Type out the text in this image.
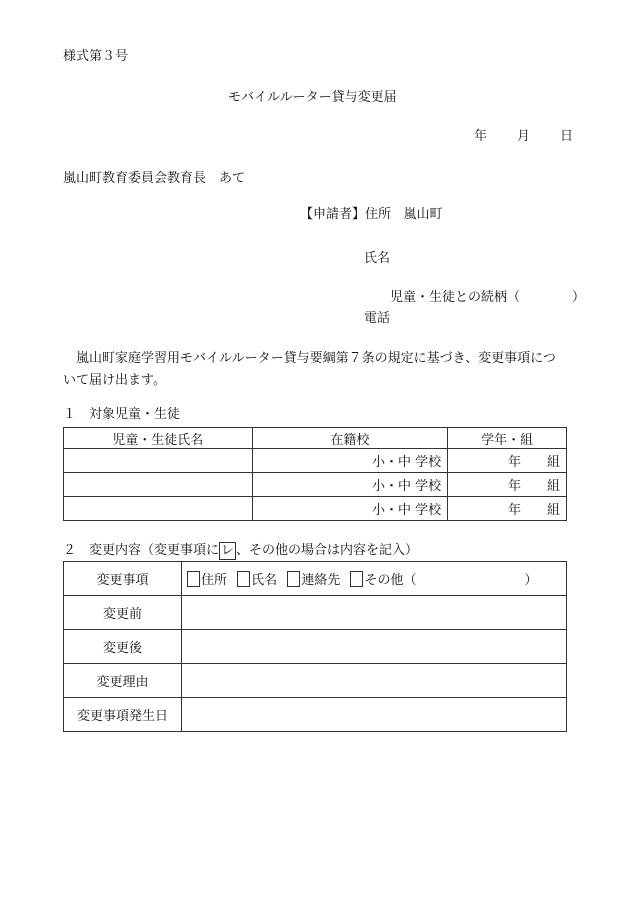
様式第３号
モバイルルーター貸与変更届
年 月 日
嵐山町教育委員会教育長　あて
【申請者】住所 嵐山町
氏名
児童・生徒との続柄（	）
電話
嵐山町家庭学習用モバイルルーター貸与要綱第７条の規定に基づき、変更事項について届け出ます。
１　対象児童・生徒
児童・生徒氏名	在籍校	学年・組
	小・中 学校	年　　組
	小・中 学校	年　　組
	小・中 学校	年　　組
２　変更内容（変更事項に レ 、その他の場合は内容を記入）
変更事項	住所 氏名 連絡先 その他（ ）
変更前	
変更後	
変更理由	
変更事項発生日	
